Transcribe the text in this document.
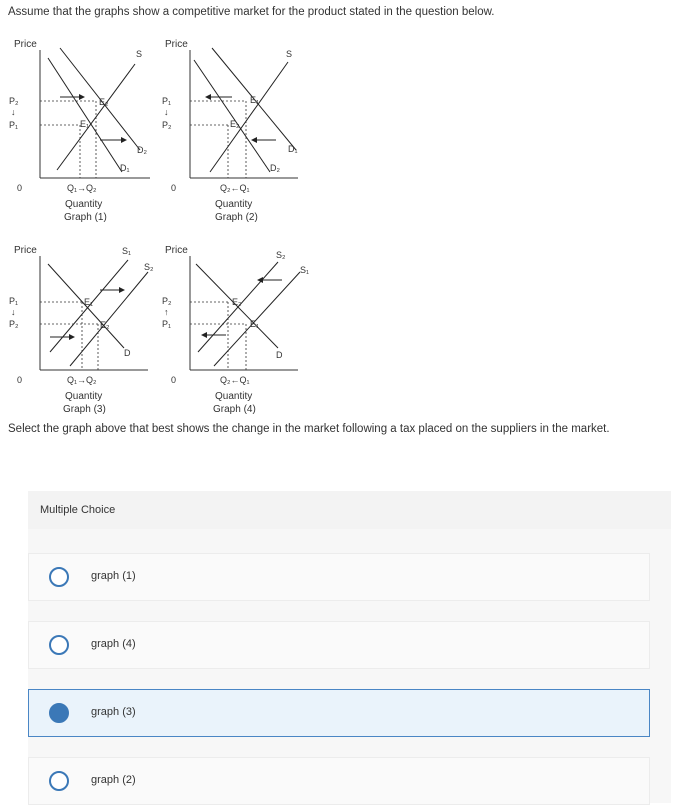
Assume that the graphs show a competitive market for the product stated in the question below.
Price
E₂
E₁
S
D₂
D₁
P₂
↓
P₁
0	Q₁→Q₂
Quantity
Graph (1)
Price
E₁
E₂
S
D₁
D₂
P₁
↓
P₂
0	Q₂←Q₁
Quantity
Graph (2)
Price
E₁
E₂
S₁
S₂
D
P₁
↓
P₂
0	Q₁→Q₂
Quantity
Graph (3)
Price
E₂
E₁
S₂
S₁
D
P₂
↑
P₁
0	Q₂←Q₁
Quantity
Graph (4)
Select the graph above that best shows the change in the market following a tax placed on the suppliers in the market.
Multiple Choice
graph (1)
graph (4)
graph (3)
graph (2)
